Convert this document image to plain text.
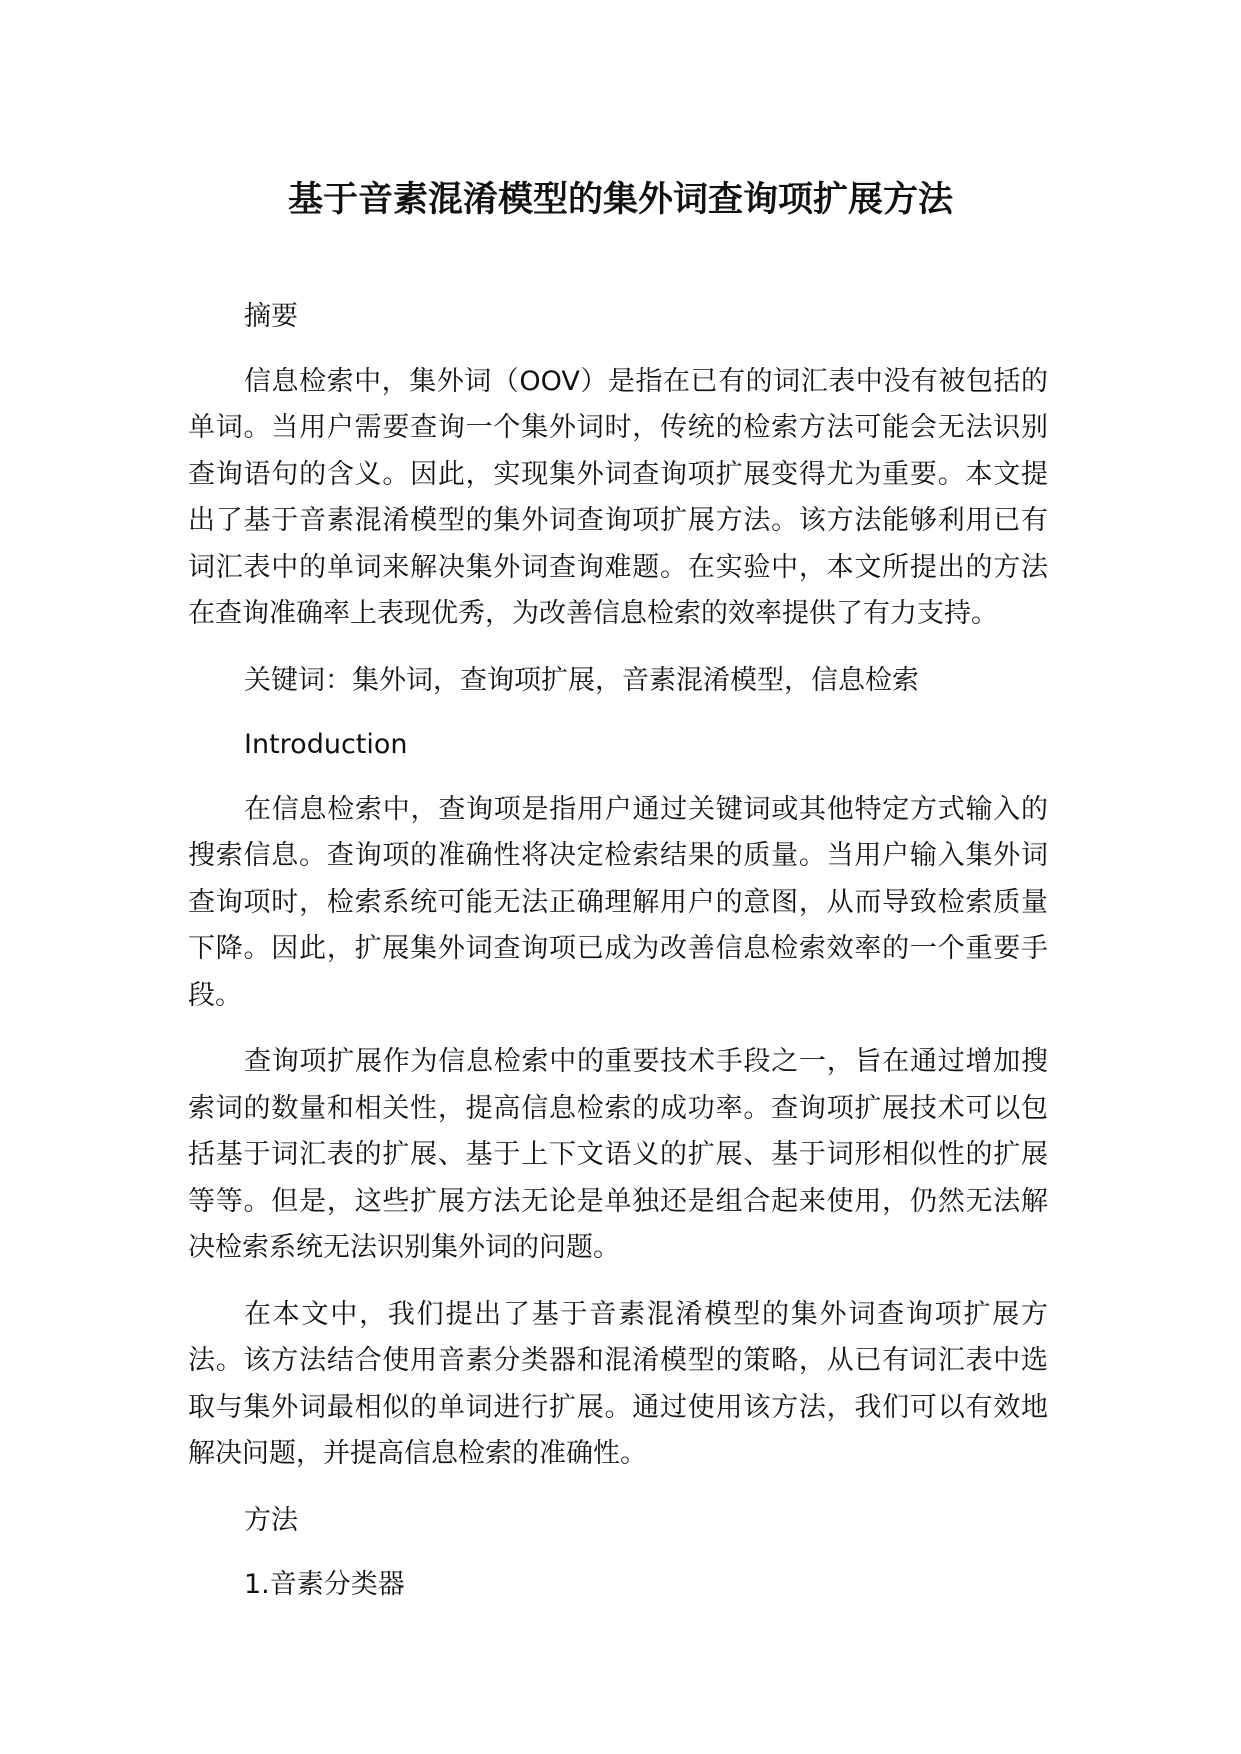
基于音素混淆模型的集外词查询项扩展方法
摘要

信息检索中，集外词（OOV）是指在已有的词汇表中没有被包括的单词。当用户需要查询一个集外词时，传统的检索方法可能会无法识别查询语句的含义。因此，实现集外词查询项扩展变得尤为重要。本文提出了基于音素混淆模型的集外词查询项扩展方法。该方法能够利用已有词汇表中的单词来解决集外词查询难题。在实验中，本文所提出的方法在查询准确率上表现优秀，为改善信息检索的效率提供了有力支持。

关键词：集外词，查询项扩展，音素混淆模型，信息检索
Introduction

在信息检索中，查询项是指用户通过关键词或其他特定方式输入的搜索信息。查询项的准确性将决定检索结果的质量。当用户输入集外词查询项时，检索系统可能无法正确理解用户的意图，从而导致检索质量下降。因此，扩展集外词查询项已成为改善信息检索效率的一个重要手段。

查询项扩展作为信息检索中的重要技术手段之一，旨在通过增加搜索词的数量和相关性，提高信息检索的成功率。查询项扩展技术可以包括基于词汇表的扩展、基于上下文语义的扩展、基于词形相似性的扩展等等。但是，这些扩展方法无论是单独还是组合起来使用，仍然无法解决检索系统无法识别集外词的问题。

在本文中，我们提出了基于音素混淆模型的集外词查询项扩展方法。该方法结合使用音素分类器和混淆模型的策略，从已有词汇表中选取与集外词最相似的单词进行扩展。通过使用该方法，我们可以有效地解决问题，并提高信息检索的准确性。

方法
1.音素分类器
